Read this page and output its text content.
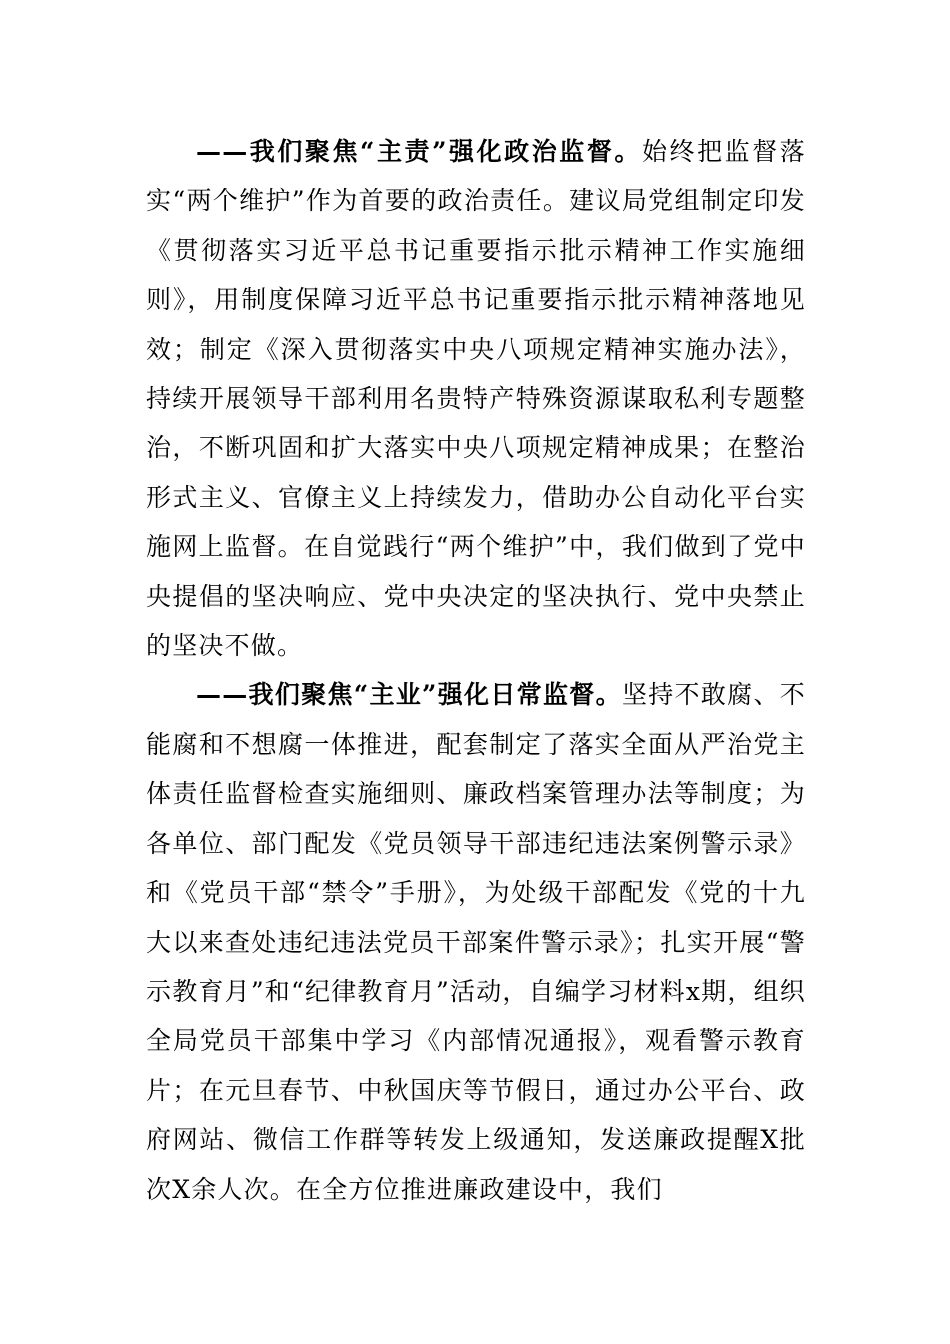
——我们聚焦“主责”强化政治监督。始终把监督落实“两个维护”作为首要的政治责任。建议局党组制定印发《贯彻落实习近平总书记重要指示批示精神工作实施细则》，用制度保障习近平总书记重要指示批示精神落地见效；制定《深入贯彻落实中央八项规定精神实施办法》，持续开展领导干部利用名贵特产特殊资源谋取私利专题整治，不断巩固和扩大落实中央八项规定精神成果；在整治形式主义、官僚主义上持续发力，借助办公自动化平台实施网上监督。在自觉践行“两个维护”中，我们做到了党中央提倡的坚决响应、党中央决定的坚决执行、党中央禁止的坚决不做。

——我们聚焦“主业”强化日常监督。坚持不敢腐、不能腐和不想腐一体推进，配套制定了落实全面从严治党主体责任监督检查实施细则、廉政档案管理办法等制度；为各单位、部门配发《党员领导干部违纪违法案例警示录》和《党员干部“禁令”手册》，为处级干部配发《党的十九大以来查处违纪违法党员干部案件警示录》；扎实开展“警示教育月”和“纪律教育月”活动，自编学习材料x期，组织全局党员干部集中学习《内部情况通报》，观看警示教育片；在元旦春节、中秋国庆等节假日，通过办公平台、政府网站、微信工作群等转发上级通知，发送廉政提醒X批次X余人次。在全方位推进廉政建设中，我们
